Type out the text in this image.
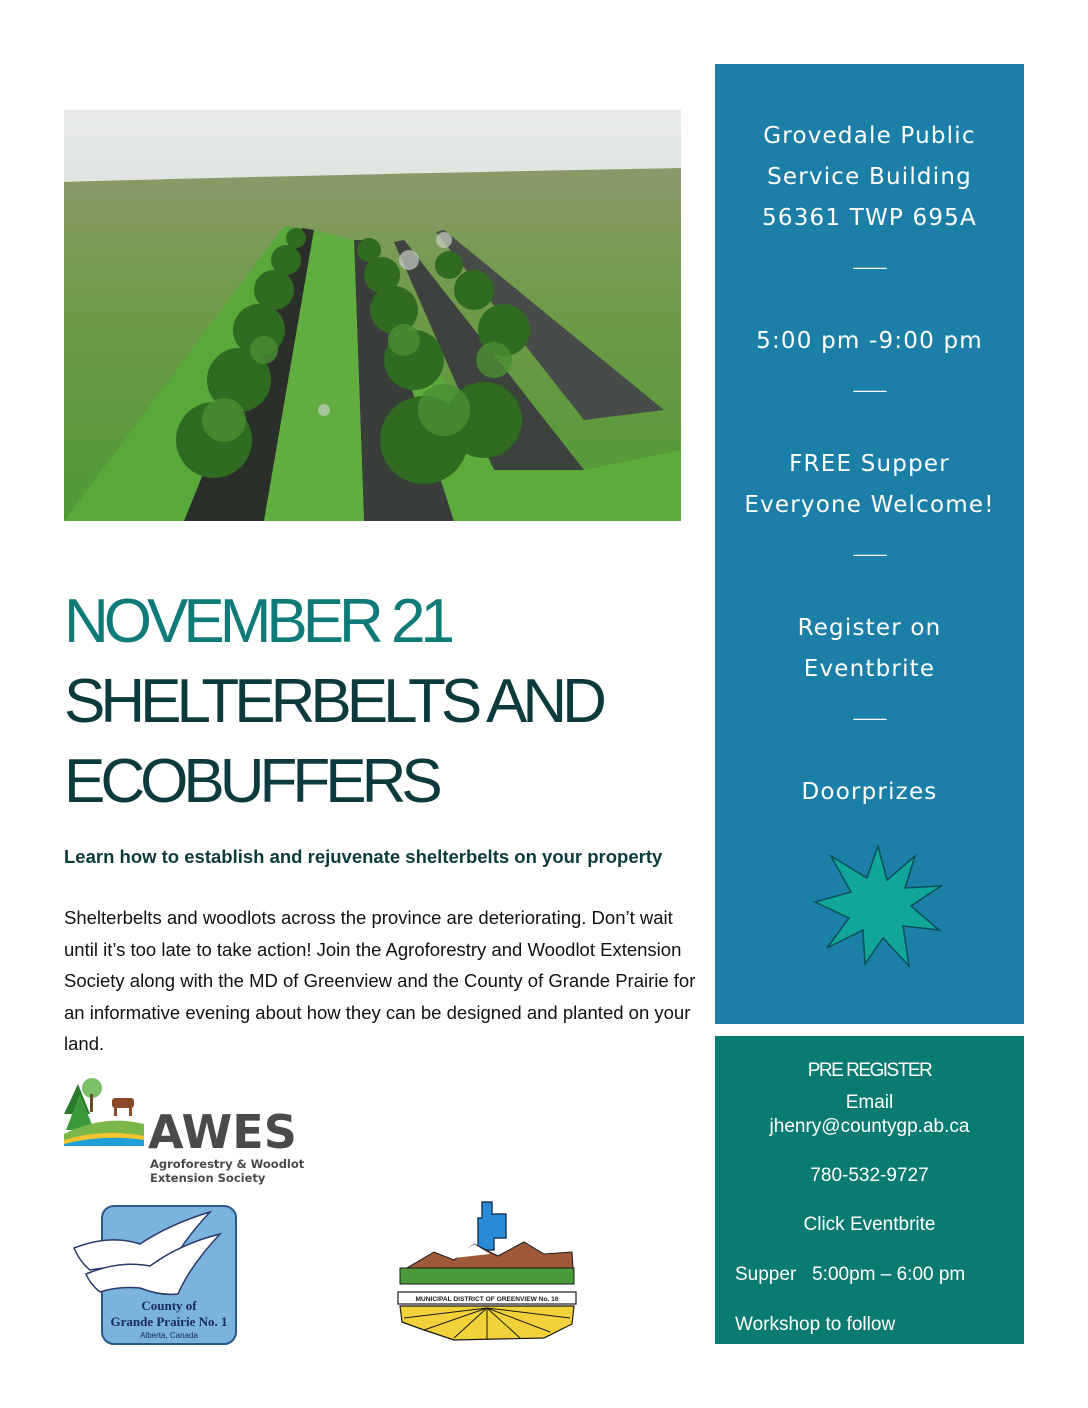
NOVEMBER 21
SHELTERBELTS AND
ECOBUFFERS
Learn how to establish and rejuvenate shelterbelts on your property
Shelterbelts and woodlots across the province are deteriorating. Don’t wait until it’s too late to take action! Join the Agroforestry and Woodlot Extension Society along with the MD of Greenview and the County of Grande Prairie for an informative evening about how they can be designed and planted on your land.
Grovedale Public
Service Building
56361 TWP 695A
____
5:00 pm -9:00 pm
____
FREE Supper
Everyone Welcome!
____
Register on
Eventbrite
____
Doorprizes
PRE REGISTER
Email
jhenry@countygp.ab.ca
780-532-9727
Click Eventbrite
Supper   5:00pm – 6:00 pm
Workshop to follow
AWES
Agroforestry & Woodlot
Extension Society
County of
Grande Prairie No. 1
Alberta, Canada
MUNICIPAL DISTRICT OF GREENVIEW No. 16
